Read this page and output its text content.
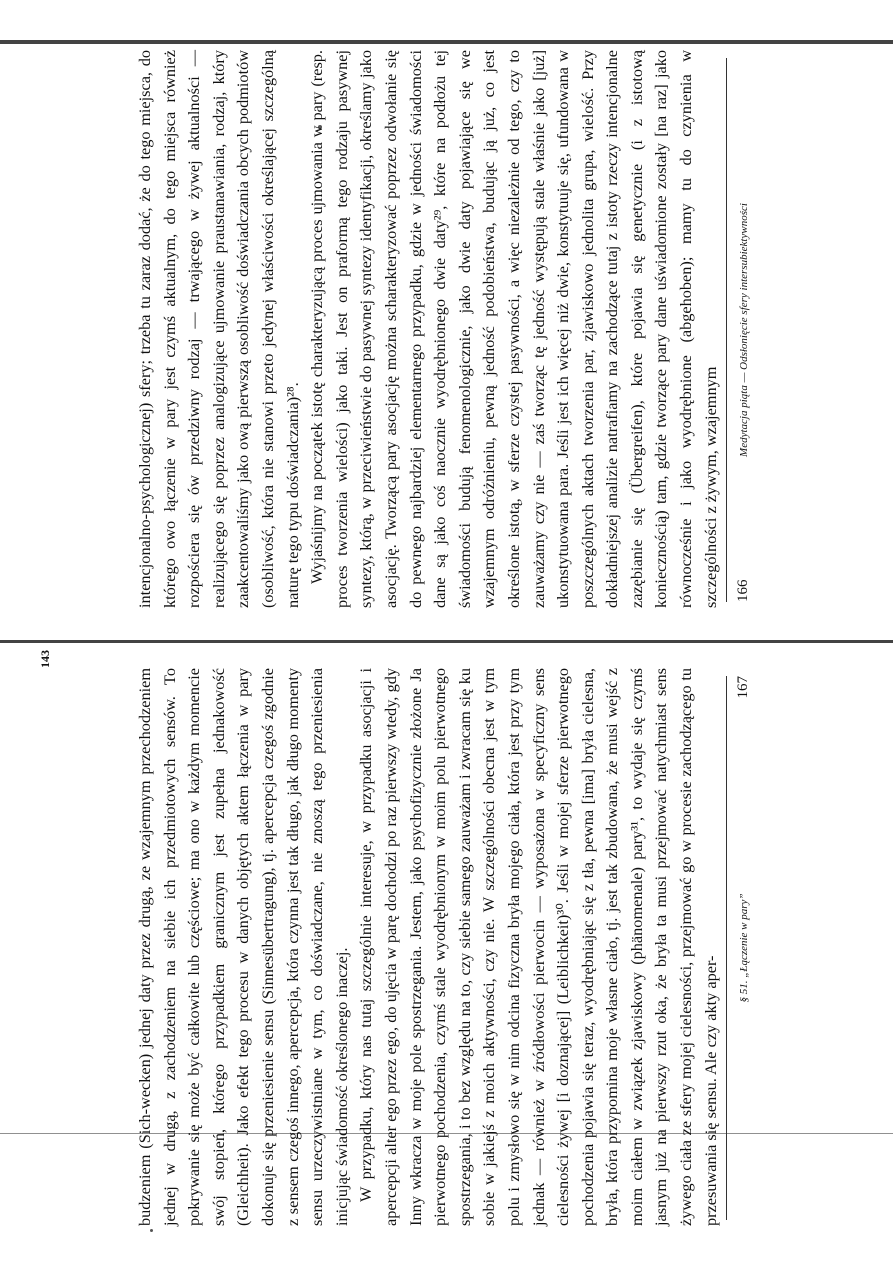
166
Medytacja piąta — Odsłonięcie sfery intersubiektywności

intencjonalno-psychologicznej) sfery; trzeba tu zaraz dodać, że do tego miejsca, do którego owo łączenie w pary jest czymś aktualnym, do tego miejsca również rozpościera się ów przedziwny rodzaj — trwającego w żywej aktualności — realizującego się poprzez analogizujące ujmowanie praustanawiania, rodzaj, który zaakcentowaliśmy jako ową pierwszą osobliwość doświadczania obcych podmiotów (osobliwość, która nie stanowi przeto jedynej właściwości określającej szczególną naturę tego typu doświadczania)²⁸. Wyjaśnijmy na początek istotę charakteryzującą proces ujmowania w pary (resp. proces tworzenia wielości) jako taki. Jest on praformą tego rodzaju pasywnej syntezy, którą, w przeciwieństwie do pasywnej syntezy identyfikacji, określamy jako asocjację. Tworzącą pary asocjację można scharakteryzować poprzez odwołanie się do pewnego najbardziej elementarnego przypadku, gdzie w jedności świadomości dane są jako coś naocznie wyodrębnionego dwie daty²⁹, które na podłożu tej świadomości budują fenomenologicznie, jako dwie daty pojawiające się we wzajemnym odróżnieniu, pewną jedność podobieństwa, budując ją już, co jest określone istotą, w sferze czystej pasywności, a więc niezależnie od tego, czy to zauważamy czy nie — zaś tworząc tę jedność występują stale właśnie jako [już] ukonstytuowana para. Jeśli jest ich więcej niż dwie, konstytuuje się, ufundowana w poszczególnych aktach tworzenia par, zjawiskowo jednolita grupa, wielość. Przy dokładniejszej analizie natrafiamy na zachodzące tutaj z istoty rzeczy intencjonalne zazębianie się (Übergreifen), które pojawia się genetycznie (i z istotową koniecznością) tam, gdzie tworzące pary dane uświadomione zostały [na raz] jako równocześnie i jako wyodrębnione (abgehoben); mamy tu do czynienia w szczególności z żywym, wzajemnym

§ 51. „Łączenie w pary”
167

budzeniem (Sich-wecken) jednej daty przez drugą, ze wzajemnym przechodzeniem jednej w drugą, z zachodzeniem na siebie ich przedmiotowych sensów. To pokrywanie się może być całkowite lub częściowe; ma ono w każdym momencie swój stopień, którego przypadkiem granicznym jest zupełna jednakowość (Gleichheit). Jako efekt tego procesu w danych objętych aktem łączenia w pary dokonuje się przeniesienie sensu (Sinnesübertragung), tj. apercepcja czegoś zgodnie z sensem czegoś innego, apercepcja, która czynna jest tak długo, jak długo momenty sensu urzeczywistniane w tym, co doświadczane, nie znoszą tego przeniesienia inicjując świadomość określonego inaczej. W przypadku, który nas tutaj szczególnie interesuje, w przypadku asocjacji i apercepcji alter ego przez ego, do ujęcia w parę dochodzi po raz pierwszy wtedy, gdy Inny wkracza w moje pole spostrzegania. Jestem, jako psychofizycznie złożone Ja pierwotnego pochodzenia, czymś stale wyodrębnionym w moim polu pierwotnego spostrzegania, i to bez względu na to, czy siebie samego zauważam i zwracam się ku sobie w jakiejś z moich aktywności, czy nie. W szczególności obecna jest w tym polu i zmysłowo się w nim odcina fizyczna bryła mojego ciała, która jest przy tym jednak — również w źródłowości pierwocin — wyposażona w specyficzny sens cielesności żywej [i doznającej] (Leiblichkeit)³⁰. Jeśli w mojej sferze pierwotnego pochodzenia pojawia się teraz, wyodrębniając się z tła, pewna [ima] bryła cielesna, bryła, która przypomina moje własne ciało, tj. jest tak zbudowana, że musi wejść z moim ciałem w związek zjawiskowy (phänomenale) pary³¹, to wydaje się czymś jasnym już na pierwszy rzut oka, że bryła ta musi przejmować natychmiast sens żywego ciała ze sfery mojej cielesności, przejmować go w procesie zachodzącego tu przesuwania się sensu. Ale czy akty aper-

143
